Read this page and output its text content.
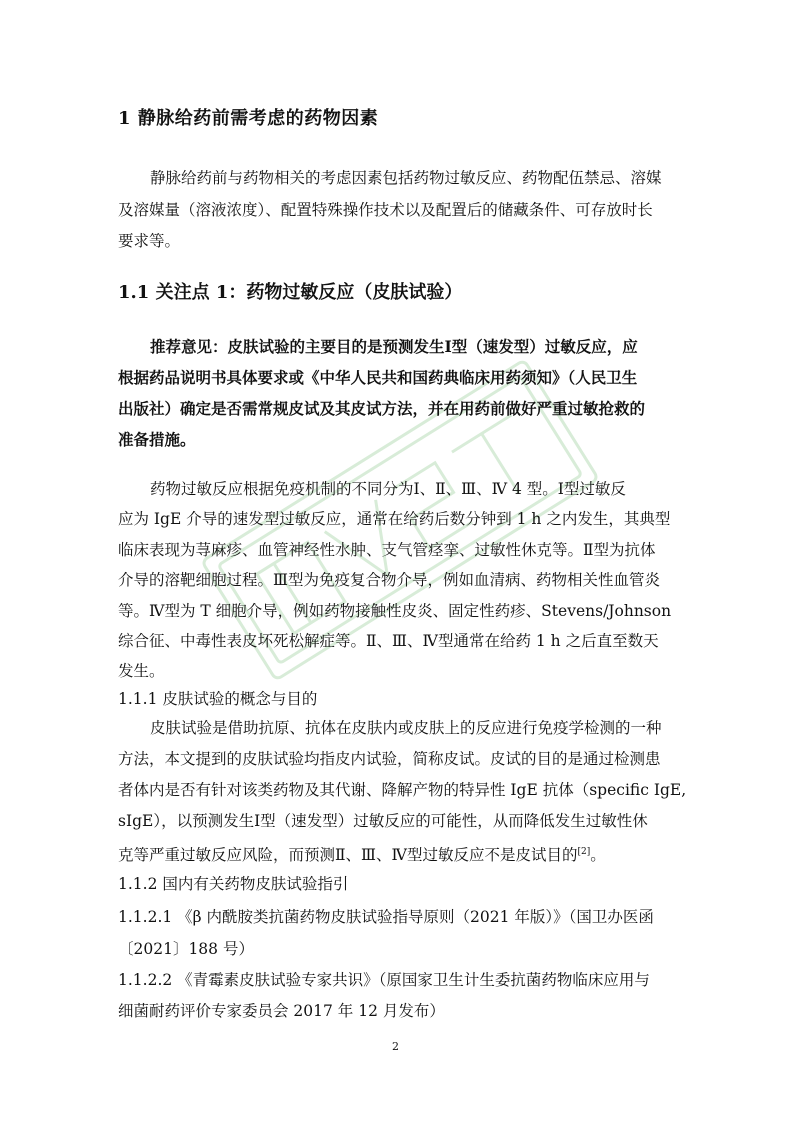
1 静脉给药前需考虑的药物因素
静脉给药前与药物相关的考虑因素包括药物过敏反应、药物配伍禁忌、溶媒
及溶媒量（溶液浓度）、配置特殊操作技术以及配置后的储藏条件、可存放时长
要求等。
1.1 关注点 1：药物过敏反应（皮肤试验）
推荐意见：皮肤试验的主要目的是预测发生Ⅰ型（速发型）过敏反应，应
根据药品说明书具体要求或《中华人民共和国药典临床用药须知》（人民卫生
出版社）确定是否需常规皮试及其皮试方法，并在用药前做好严重过敏抢救的
准备措施。
药物过敏反应根据免疫机制的不同分为Ⅰ、Ⅱ、Ⅲ、Ⅳ 4 型。Ⅰ型过敏反
应为 IgE 介导的速发型过敏反应，通常在给药后数分钟到 1 h 之内发生，其典型
临床表现为荨麻疹、血管神经性水肿、支气管痉挛、过敏性休克等。Ⅱ型为抗体
介导的溶靶细胞过程。Ⅲ型为免疫复合物介导，例如血清病、药物相关性血管炎
等。Ⅳ型为 T 细胞介导，例如药物接触性皮炎、固定性药疹、Stevens/Johnson
综合征、中毒性表皮坏死松解症等。Ⅱ、Ⅲ、Ⅳ型通常在给药 1 h 之后直至数天
发生。
1.1.1 皮肤试验的概念与目的
皮肤试验是借助抗原、抗体在皮肤内或皮肤上的反应进行免疫学检测的一种
方法，本文提到的皮肤试验均指皮内试验，简称皮试。皮试的目的是通过检测患
者体内是否有针对该类药物及其代谢、降解产物的特异性 IgE 抗体（specific IgE,
sIgE），以预测发生Ⅰ型（速发型）过敏反应的可能性，从而降低发生过敏性休
克等严重过敏反应风险，而预测Ⅱ、Ⅲ、Ⅳ型过敏反应不是皮试目的[2]。
1.1.2 国内有关药物皮肤试验指引
1.1.2.1 《β 内酰胺类抗菌药物皮肤试验指导原则（2021 年版）》（国卫办医函
〔2021〕188 号）
1.1.2.2 《青霉素皮肤试验专家共识》（原国家卫生计生委抗菌药物临床应用与
细菌耐药评价专家委员会 2017 年 12 月发布）
2
